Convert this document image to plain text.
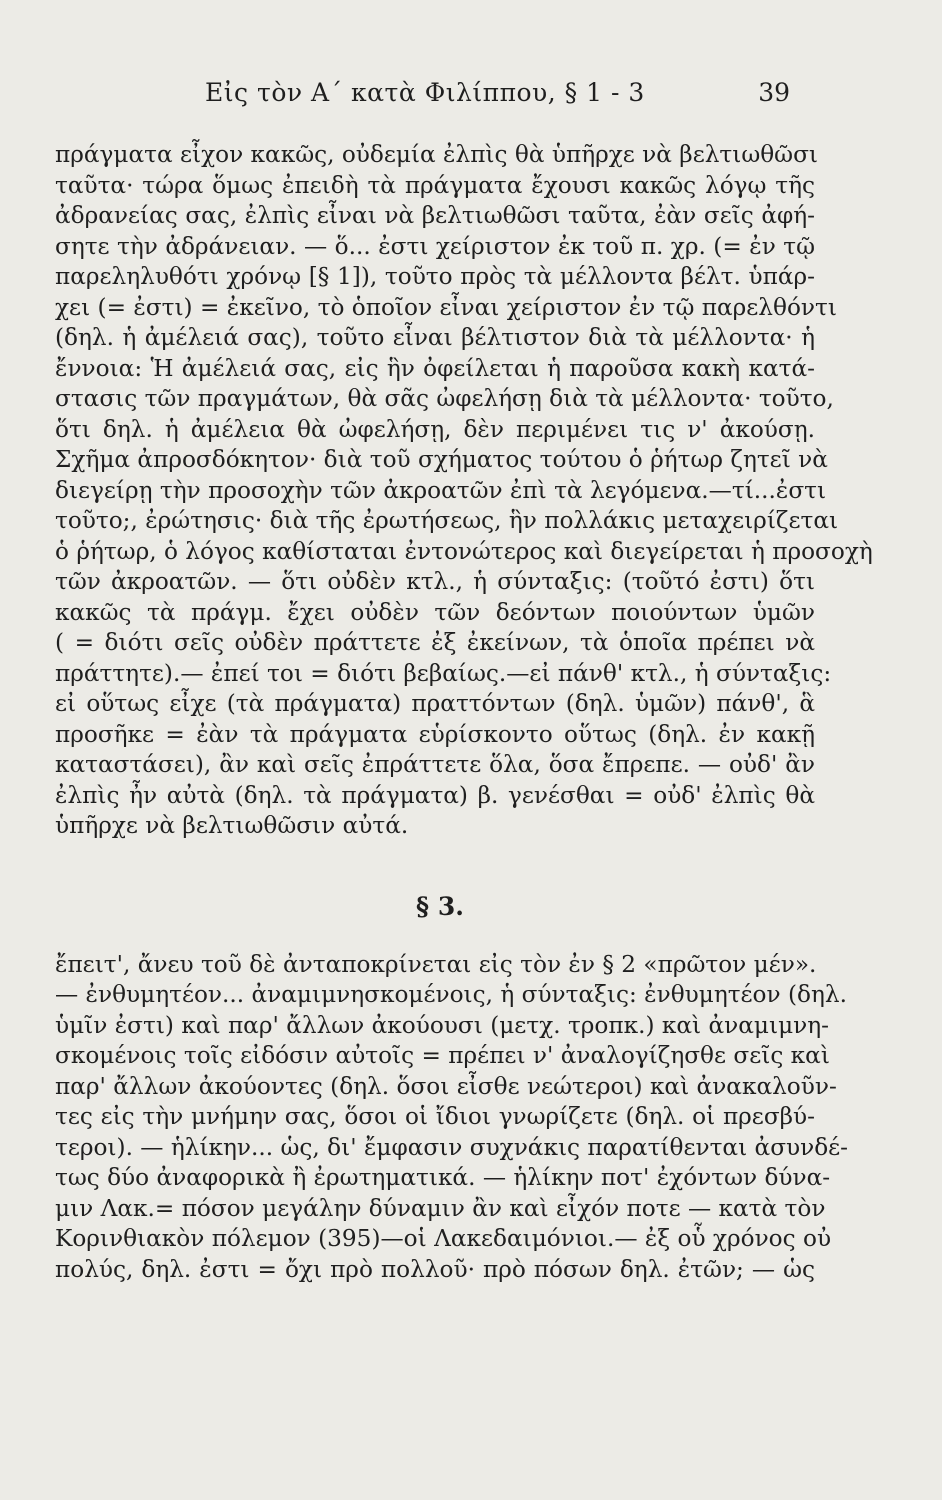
Εἰς τὸν Α´ κατὰ Φιλίππου, § 1 - 3	39
πράγματα εἶχον κακῶς, οὐδεμία ἐλπὶς θὰ ὑπῆρχε νὰ βελτιωθῶσι
ταῦτα· τώρα ὅμως ἐπειδὴ τὰ πράγματα ἔχουσι κακῶς λόγῳ τῆς
ἀδρανείας σας, ἐλπὶς εἶναι νὰ βελτιωθῶσι ταῦτα, ἐὰν σεῖς ἀφή-
σητε τὴν ἀδράνειαν. — ὅ... ἐστι χείριστον ἐκ τοῦ π. χρ. (= ἐν τῷ
παρεληλυθότι χρόνῳ [§ 1]), τοῦτο πρὸς τὰ μέλλοντα βέλτ. ὑπάρ-
χει (= ἐστι) = ἐκεῖνο, τὸ ὁποῖον εἶναι χείριστον ἐν τῷ παρελθόντι
(δηλ. ἡ ἀμέλειά σας), τοῦτο εἶναι βέλτιστον διὰ τὰ μέλλοντα· ἡ
ἔννοια: Ἡ ἀμέλειά σας, εἰς ἣν ὀφείλεται ἡ παροῦσα κακὴ κατά-
στασις τῶν πραγμάτων, θὰ σᾶς ὠφελήσῃ διὰ τὰ μέλλοντα· τοῦτο,
ὅτι δηλ. ἡ ἀμέλεια θὰ ὠφελήσῃ, δὲν περιμένει τις ν' ἀκούσῃ.
Σχῆμα ἀπροσδόκητον· διὰ τοῦ σχήματος τούτου ὁ ῥήτωρ ζητεῖ νὰ
διεγείρῃ τὴν προσοχὴν τῶν ἀκροατῶν ἐπὶ τὰ λεγόμενα.—τί...ἐστι
τοῦτο;, ἐρώτησις· διὰ τῆς ἐρωτήσεως, ἣν πολλάκις μεταχειρίζεται
ὁ ῥήτωρ, ὁ λόγος καθίσταται ἐντονώτερος καὶ διεγείρεται ἡ προσοχὴ
τῶν ἀκροατῶν. — ὅτι οὐδὲν κτλ., ἡ σύνταξις: (τοῦτό ἐστι) ὅτι
κακῶς τὰ πράγμ. ἔχει οὐδὲν τῶν δεόντων ποιούντων ὑμῶν
( = διότι σεῖς οὐδὲν πράττετε ἐξ ἐκείνων, τὰ ὁποῖα πρέπει νὰ
πράττητε).— ἐπεί τοι = διότι βεβαίως.—εἰ πάνθ' κτλ., ἡ σύνταξις:
εἰ οὕτως εἶχε (τὰ πράγματα) πραττόντων (δηλ. ὑμῶν) πάνθ', ἃ
προσῆκε = ἐὰν τὰ πράγματα εὑρίσκοντο οὕτως (δηλ. ἐν κακῇ
καταστάσει), ἂν καὶ σεῖς ἐπράττετε ὅλα, ὅσα ἔπρεπε. — οὐδ' ἂν
ἐλπὶς ἦν αὐτὰ (δηλ. τὰ πράγματα) β. γενέσθαι = οὐδ' ἐλπὶς θὰ
ὑπῆρχε νὰ βελτιωθῶσιν αὐτά.
§ 3.
ἔπειτ', ἄνευ τοῦ δὲ ἀνταποκρίνεται εἰς τὸν ἐν § 2 «πρῶτον μέν».
— ἐνθυμητέον... ἀναμιμνησκομένοις, ἡ σύνταξις: ἐνθυμητέον (δηλ.
ὑμῖν ἐστι) καὶ παρ' ἄλλων ἀκούουσι (μετχ. τροπκ.) καὶ ἀναμιμνη-
σκομένοις τοῖς εἰδόσιν αὐτοῖς = πρέπει ν' ἀναλογίζησθε σεῖς καὶ
παρ' ἄλλων ἀκούοντες (δηλ. ὅσοι εἶσθε νεώτεροι) καὶ ἀνακαλοῦν-
τες εἰς τὴν μνήμην σας, ὅσοι οἱ ἴδιοι γνωρίζετε (δηλ. οἱ πρεσβύ-
τεροι). — ἡλίκην... ὡς, δι' ἔμφασιν συχνάκις παρατίθενται ἀσυνδέ-
τως δύο ἀναφορικὰ ἢ ἐρωτηματικά. — ἡλίκην ποτ' ἐχόντων δύνα-
μιν Λακ.= πόσον μεγάλην δύναμιν ἂν καὶ εἶχόν ποτε — κατὰ τὸν
Κορινθιακὸν πόλεμον (395)—οἱ Λακεδαιμόνιοι.— ἐξ οὗ χρόνος οὐ
πολύς, δηλ. ἐστι = ὄχι πρὸ πολλοῦ· πρὸ πόσων δηλ. ἐτῶν; — ὡς
